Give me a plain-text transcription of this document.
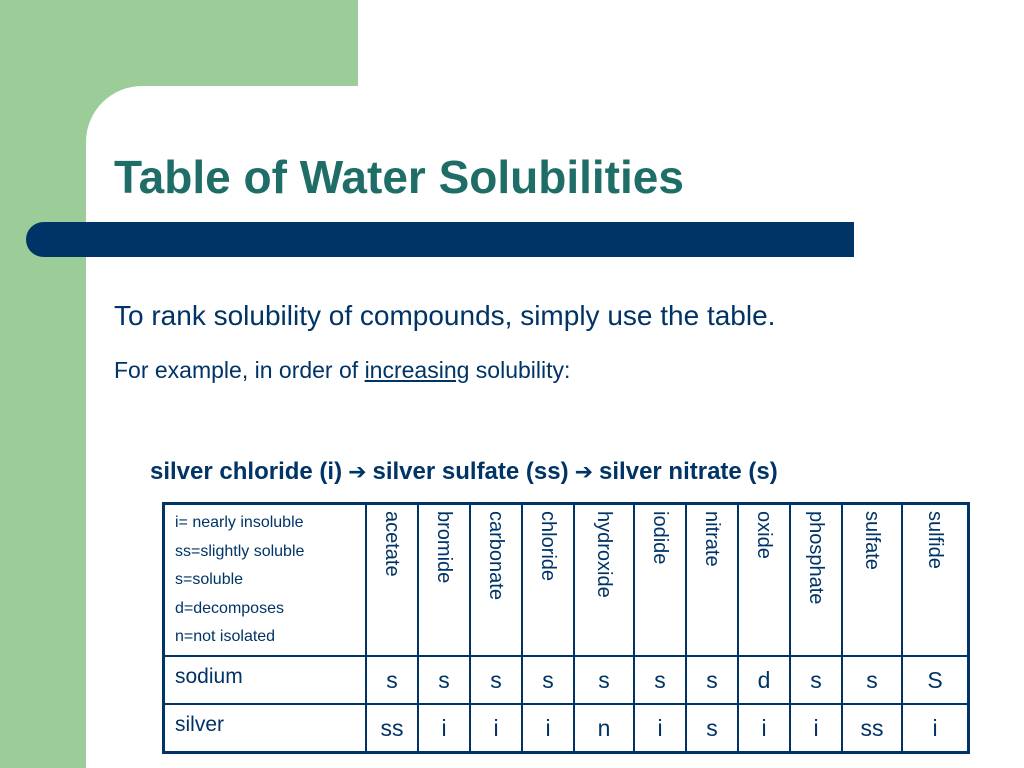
Table of Water Solubilities
To rank solubility of compounds, simply use the table.
For example, in order of increasing solubility:
silver chloride (i) ➔ silver sulfate (ss) ➔ silver nitrate (s)
i= nearly insoluble
ss=slightly soluble
s=soluble
d=decomposes
n=not isolated	acetate	bromide	carbonate	chloride	hydroxide	iodide	nitrate	oxide	phosphate	sulfate	sulfide

sodium	s	s	s	s	s	s	s	d	s	s	S
silver	ss	i	i	i	n	i	s	i	i	ss	i
